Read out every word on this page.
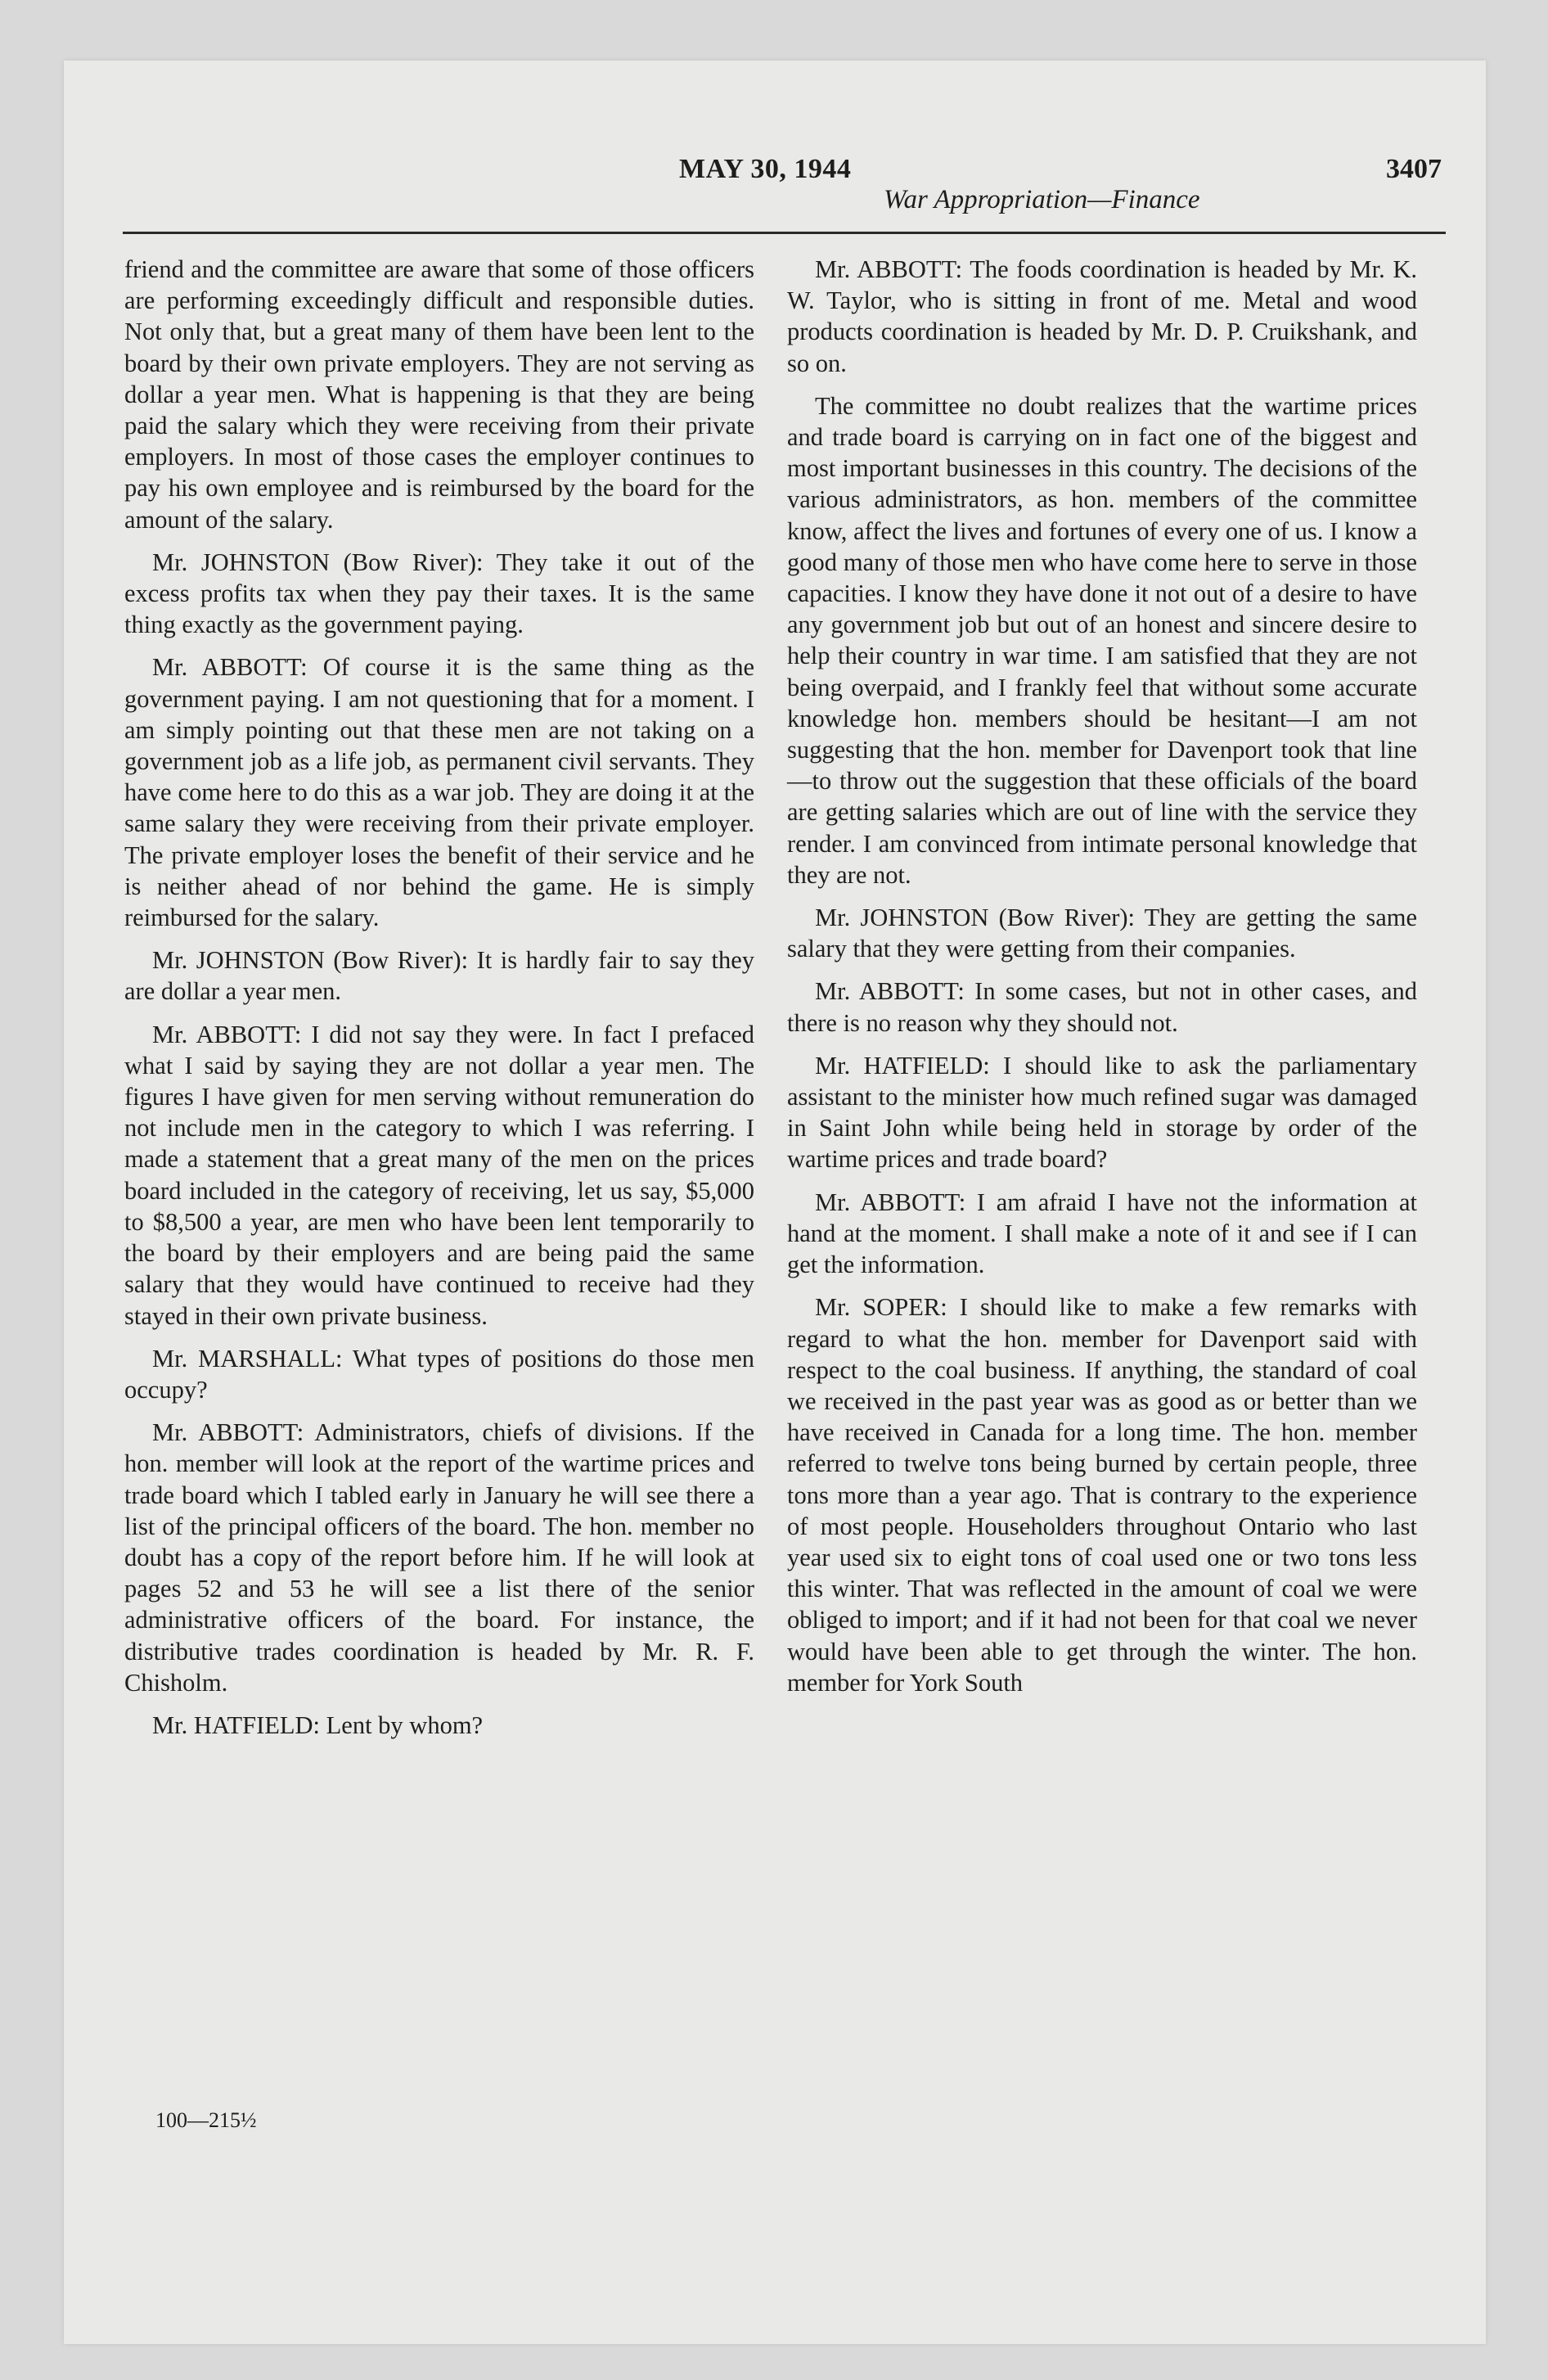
MAY 30, 1944
War Appropriation—Finance
3407

friend and the committee are aware that some of those officers are performing exceedingly difficult and responsible duties. Not only that, but a great many of them have been lent to the board by their own private employers. They are not serving as dollar a year men. What is happening is that they are being paid the salary which they were receiving from their private employers. In most of those cases the employer continues to pay his own employee and is reimbursed by the board for the amount of the salary.

Mr. JOHNSTON (Bow River): They take it out of the excess profits tax when they pay their taxes. It is the same thing exactly as the government paying.

Mr. ABBOTT: Of course it is the same thing as the government paying. I am not questioning that for a moment. I am simply pointing out that these men are not taking on a government job as a life job, as permanent civil servants. They have come here to do this as a war job. They are doing it at the same salary they were receiving from their private employer. The private employer loses the benefit of their service and he is neither ahead of nor behind the game. He is simply reimbursed for the salary.

Mr. JOHNSTON (Bow River): It is hardly fair to say they are dollar a year men.

Mr. ABBOTT: I did not say they were. In fact I prefaced what I said by saying they are not dollar a year men. The figures I have given for men serving without remuneration do not include men in the category to which I was referring. I made a statement that a great many of the men on the prices board included in the category of receiving, let us say, $5,000 to $8,500 a year, are men who have been lent temporarily to the board by their employers and are being paid the same salary that they would have continued to receive had they stayed in their own private business.

Mr. MARSHALL: What types of positions do those men occupy?

Mr. ABBOTT: Administrators, chiefs of divisions. If the hon. member will look at the report of the wartime prices and trade board which I tabled early in January he will see there a list of the principal officers of the board. The hon. member no doubt has a copy of the report before him. If he will look at pages 52 and 53 he will see a list there of the senior administrative officers of the board. For instance, the distributive trades coordination is headed by Mr. R. F. Chisholm.

Mr. HATFIELD: Lent by whom?

Mr. ABBOTT: The foods coordination is headed by Mr. K. W. Taylor, who is sitting in front of me. Metal and wood products coordination is headed by Mr. D. P. Cruikshank, and so on.

The committee no doubt realizes that the wartime prices and trade board is carrying on in fact one of the biggest and most important businesses in this country. The decisions of the various administrators, as hon. members of the committee know, affect the lives and fortunes of every one of us. I know a good many of those men who have come here to serve in those capacities. I know they have done it not out of a desire to have any government job but out of an honest and sincere desire to help their country in war time. I am satisfied that they are not being overpaid, and I frankly feel that without some accurate knowledge hon. members should be hesitant—I am not suggesting that the hon. member for Davenport took that line—to throw out the suggestion that these officials of the board are getting salaries which are out of line with the service they render. I am convinced from intimate personal knowledge that they are not.

Mr. JOHNSTON (Bow River): They are getting the same salary that they were getting from their companies.

Mr. ABBOTT: In some cases, but not in other cases, and there is no reason why they should not.

Mr. HATFIELD: I should like to ask the parliamentary assistant to the minister how much refined sugar was damaged in Saint John while being held in storage by order of the wartime prices and trade board?

Mr. ABBOTT: I am afraid I have not the information at hand at the moment. I shall make a note of it and see if I can get the information.

Mr. SOPER: I should like to make a few remarks with regard to what the hon. member for Davenport said with respect to the coal business. If anything, the standard of coal we received in the past year was as good as or better than we have received in Canada for a long time. The hon. member referred to twelve tons being burned by certain people, three tons more than a year ago. That is contrary to the experience of most people. Householders throughout Ontario who last year used six to eight tons of coal used one or two tons less this winter. That was reflected in the amount of coal we were obliged to import; and if it had not been for that coal we never would have been able to get through the winter. The hon. member for York South

100—215½
